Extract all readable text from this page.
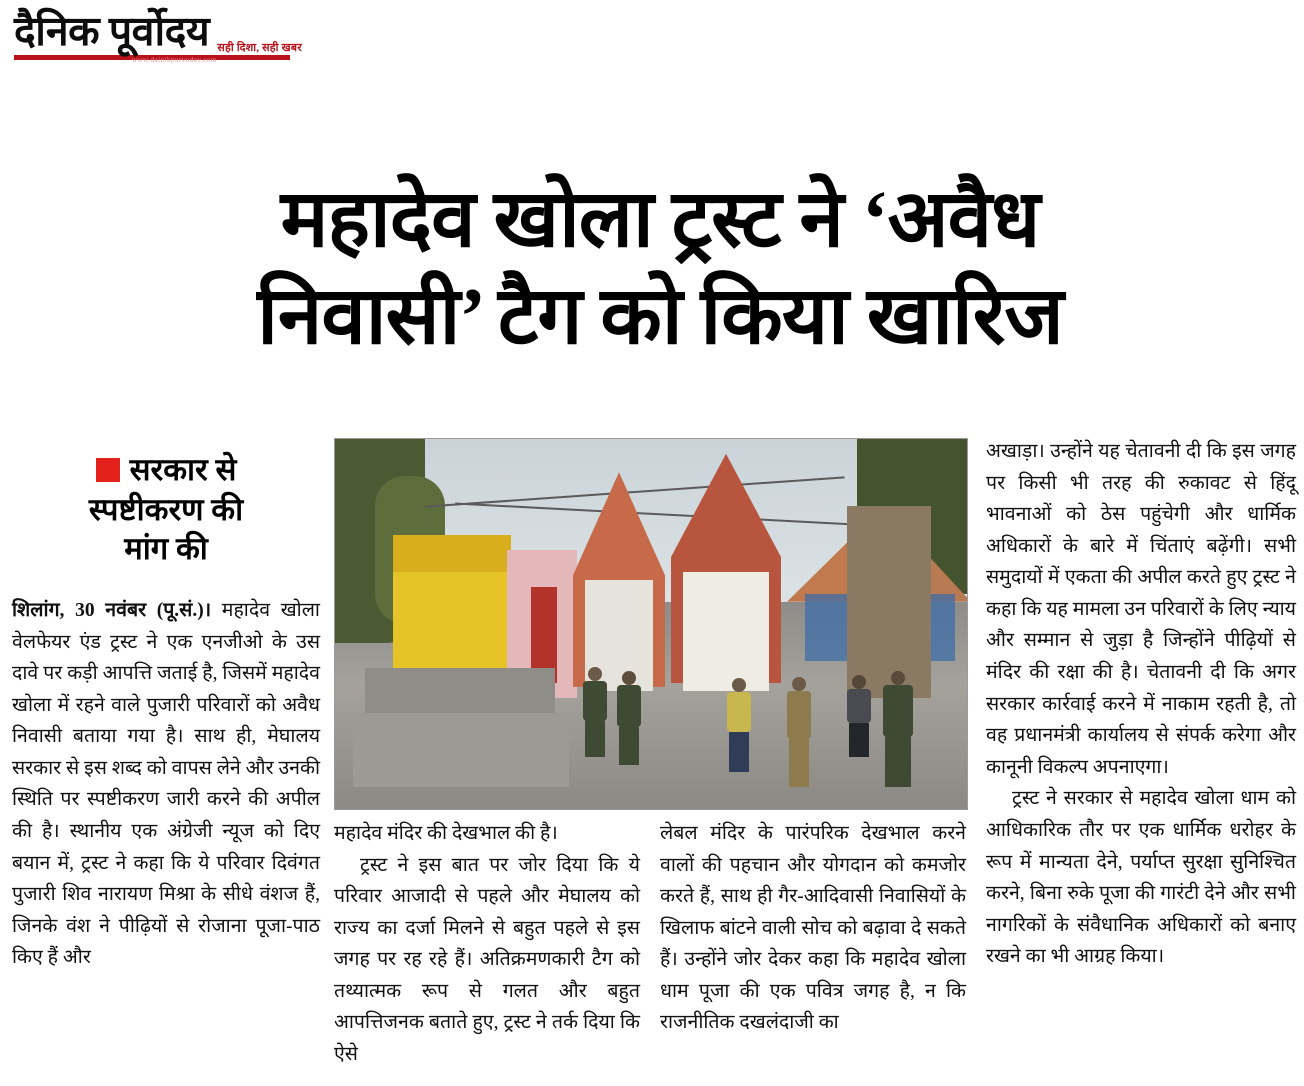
दैनिक पूर्वोदय सही दिशा, सही खबर
www.dainikpurvoday.com
महादेव खोला ट्रस्ट ने ‘अवैध
निवासी’ टैग को किया खारिज
सरकार से
स्पष्टीकरण की
मांग की

शिलांग, 30 नवंबर (पू.सं.)। महादेव खोला वेलफेयर एंड ट्रस्ट ने एक एनजीओ के उस दावे पर कड़ी आपत्ति जताई है, जिसमें महादेव खोला में रहने वाले पुजारी परिवारों को अवैध निवासी बताया गया है। साथ ही, मेघालय सरकार से इस शब्द को वापस लेने और उनकी स्थिति पर स्पष्टीकरण जारी करने की अपील की है। स्थानीय एक अंग्रेजी न्यूज को दिए बयान में, ट्रस्ट ने कहा कि ये परिवार दिवंगत पुजारी शिव नारायण मिश्रा के सीधे वंशज हैं, जिनके वंश ने पीढ़ियों से रोजाना पूजा-पाठ किए हैं और

महादेव मंदिर की देखभाल की है।

ट्रस्ट ने इस बात पर जोर दिया कि ये परिवार आजादी से पहले और मेघालय को राज्य का दर्जा मिलने से बहुत पहले से इस जगह पर रह रहे हैं। अतिक्रमणकारी टैग को तथ्यात्मक रूप से गलत और बहुत आपत्तिजनक बताते हुए, ट्रस्ट ने तर्क दिया कि ऐसे

लेबल मंदिर के पारंपरिक देखभाल करने वालों की पहचान और योगदान को कमजोर करते हैं, साथ ही गैर-आदिवासी निवासियों के खिलाफ बांटने वाली सोच को बढ़ावा दे सकते हैं। उन्होंने जोर देकर कहा कि महादेव खोला धाम पूजा की एक पवित्र जगह है, न कि राजनीतिक दखलंदाजी का

अखाड़ा। उन्होंने यह चेतावनी दी कि इस जगह पर किसी भी तरह की रुकावट से हिंदू भावनाओं को ठेस पहुंचेगी और धार्मिक अधिकारों के बारे में चिंताएं बढ़ेंगी। सभी समुदायों में एकता की अपील करते हुए ट्रस्ट ने कहा कि यह मामला उन परिवारों के लिए न्याय और सम्मान से जुड़ा है जिन्होंने पीढ़ियों से मंदिर की रक्षा की है। चेतावनी दी कि अगर सरकार कार्रवाई करने में नाकाम रहती है, तो वह प्रधानमंत्री कार्यालय से संपर्क करेगा और कानूनी विकल्प अपनाएगा।

ट्रस्ट ने सरकार से महादेव खोला धाम को आधिकारिक तौर पर एक धार्मिक धरोहर के रूप में मान्यता देने, पर्याप्त सुरक्षा सुनिश्चित करने, बिना रुके पूजा की गारंटी देने और सभी नागरिकों के संवैधानिक अधिकारों को बनाए रखने का भी आग्रह किया।
